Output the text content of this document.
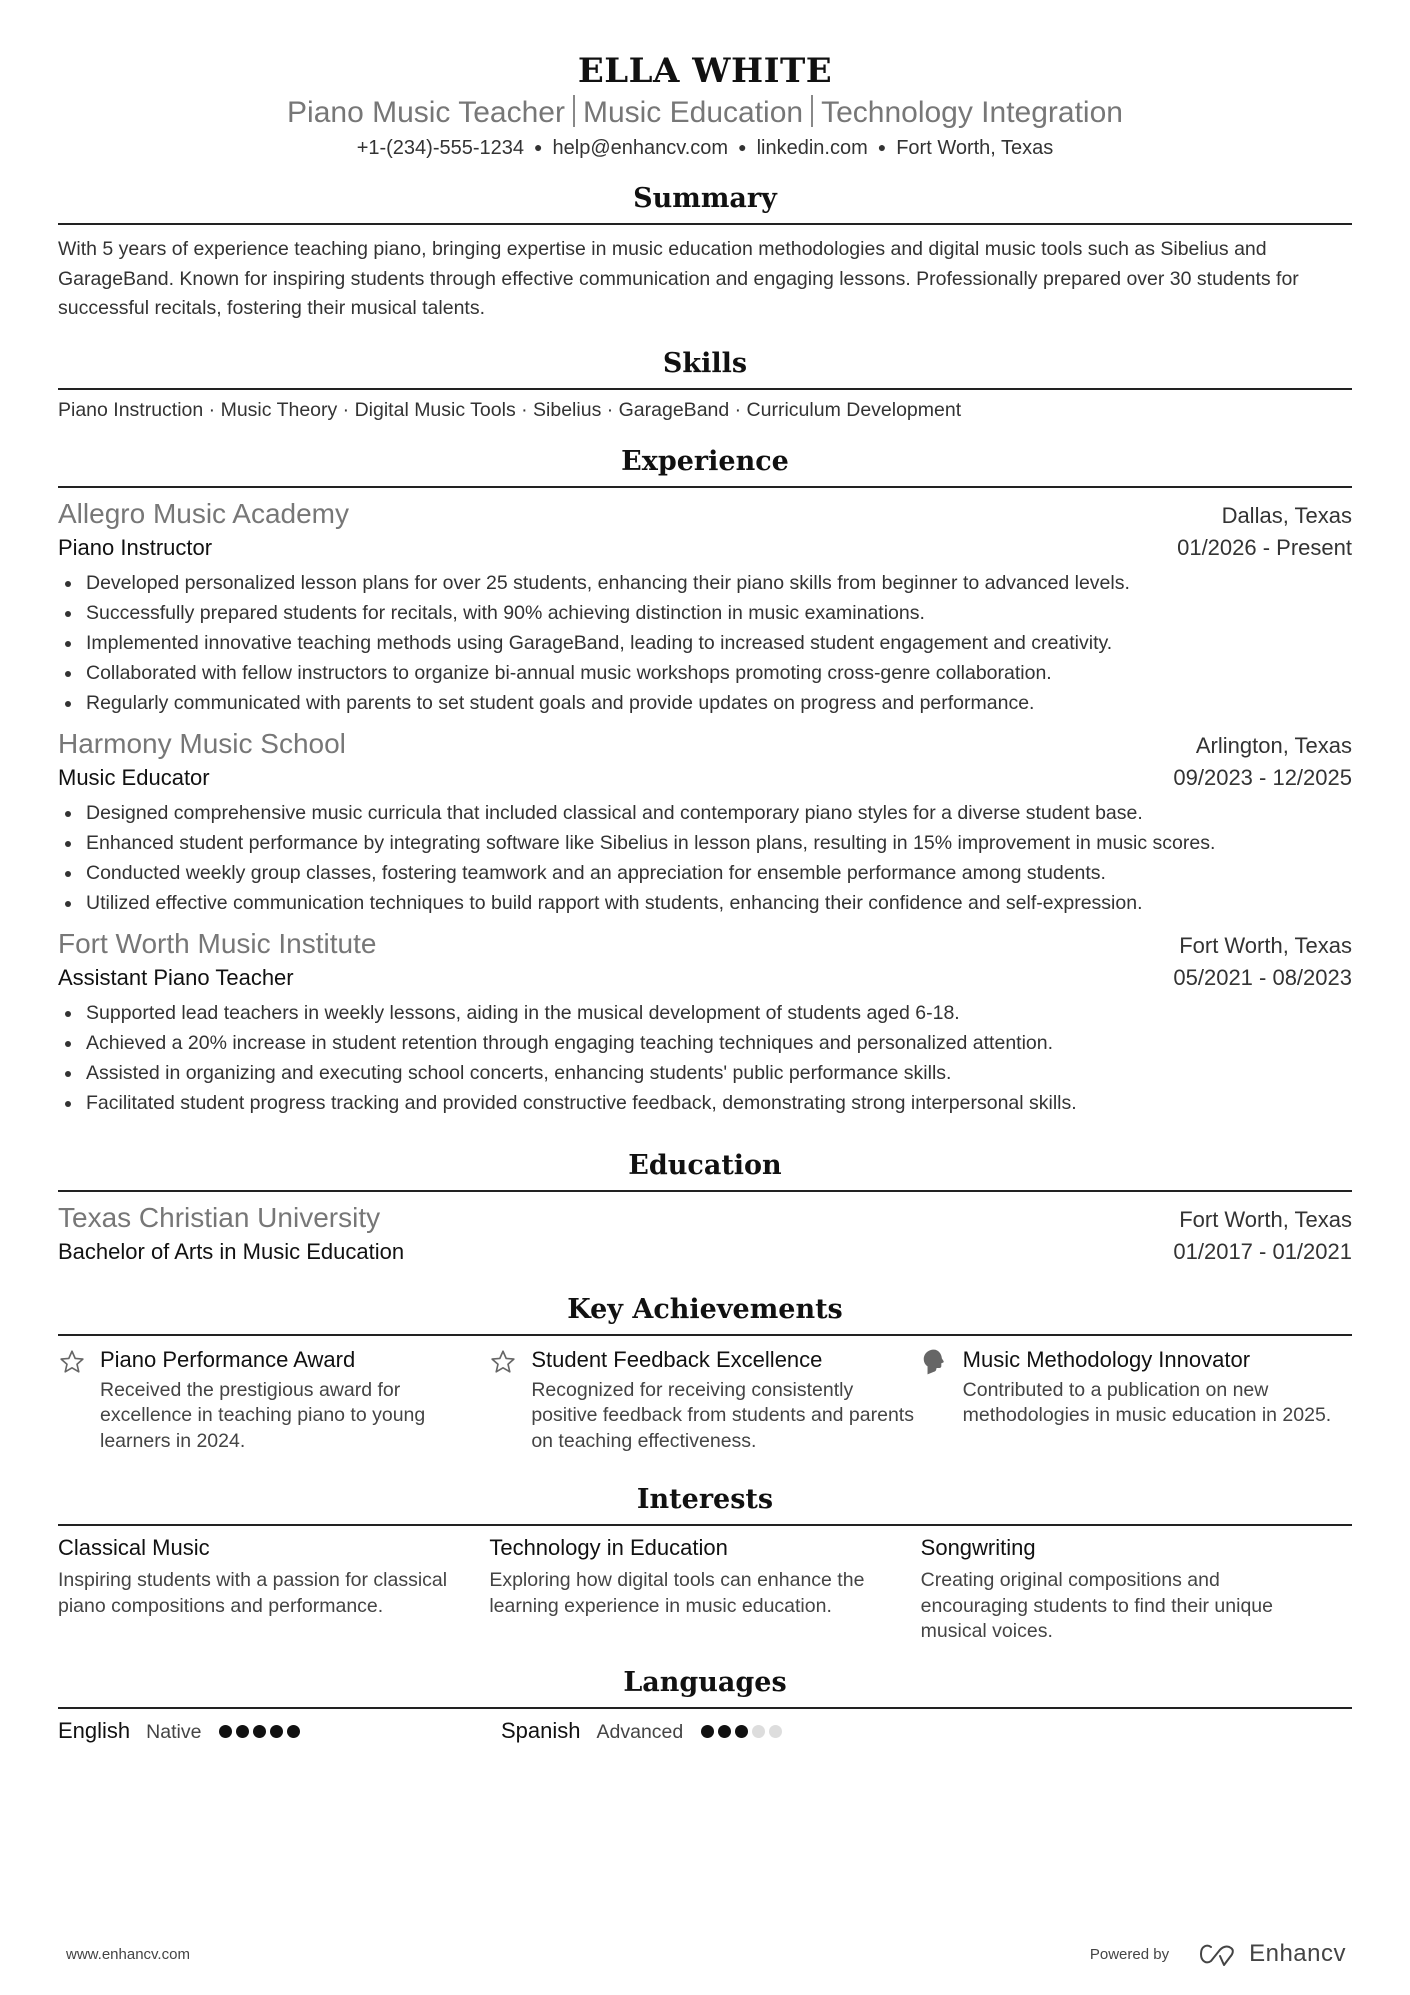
ELLA WHITE
Piano Music Teacher Music Education Technology Integration
+1-(234)-555-1234 ● help@enhancv.com ● linkedin.com ● Fort Worth, Texas
Summary
With 5 years of experience teaching piano, bringing expertise in music education methodologies and digital music tools such as Sibelius and GarageBand. Known for inspiring students through effective communication and engaging lessons. Professionally prepared over 30 students for successful recitals, fostering their musical talents.
Skills
Piano Instruction · Music Theory · Digital Music Tools · Sibelius · GarageBand · Curriculum Development
Experience
Allegro Music Academy	Dallas, Texas
Piano Instructor	01/2026 - Present
Developed personalized lesson plans for over 25 students, enhancing their piano skills from beginner to advanced levels.
Successfully prepared students for recitals, with 90% achieving distinction in music examinations.
Implemented innovative teaching methods using GarageBand, leading to increased student engagement and creativity.
Collaborated with fellow instructors to organize bi-annual music workshops promoting cross-genre collaboration.
Regularly communicated with parents to set student goals and provide updates on progress and performance.
Harmony Music School	Arlington, Texas
Music Educator	09/2023 - 12/2025
Designed comprehensive music curricula that included classical and contemporary piano styles for a diverse student base.
Enhanced student performance by integrating software like Sibelius in lesson plans, resulting in 15% improvement in music scores.
Conducted weekly group classes, fostering teamwork and an appreciation for ensemble performance among students.
Utilized effective communication techniques to build rapport with students, enhancing their confidence and self-expression.
Fort Worth Music Institute	Fort Worth, Texas
Assistant Piano Teacher	05/2021 - 08/2023
Supported lead teachers in weekly lessons, aiding in the musical development of students aged 6-18.
Achieved a 20% increase in student retention through engaging teaching techniques and personalized attention.
Assisted in organizing and executing school concerts, enhancing students' public performance skills.
Facilitated student progress tracking and provided constructive feedback, demonstrating strong interpersonal skills.
Education
Texas Christian University	Fort Worth, Texas
Bachelor of Arts in Music Education	01/2017 - 01/2021
Key Achievements
Piano Performance Award
Received the prestigious award for excellence in teaching piano to young learners in 2024.
Student Feedback Excellence
Recognized for receiving consistently positive feedback from students and parents on teaching effectiveness.
Music Methodology Innovator
Contributed to a publication on new methodologies in music education in 2025.
Interests
Classical Music
Inspiring students with a passion for classical piano compositions and performance.
Technology in Education
Exploring how digital tools can enhance the learning experience in music education.
Songwriting
Creating original compositions and encouraging students to find their unique musical voices.
Languages
English Native	Spanish Advanced
www.enhancv.com	Powered by	Enhancv
